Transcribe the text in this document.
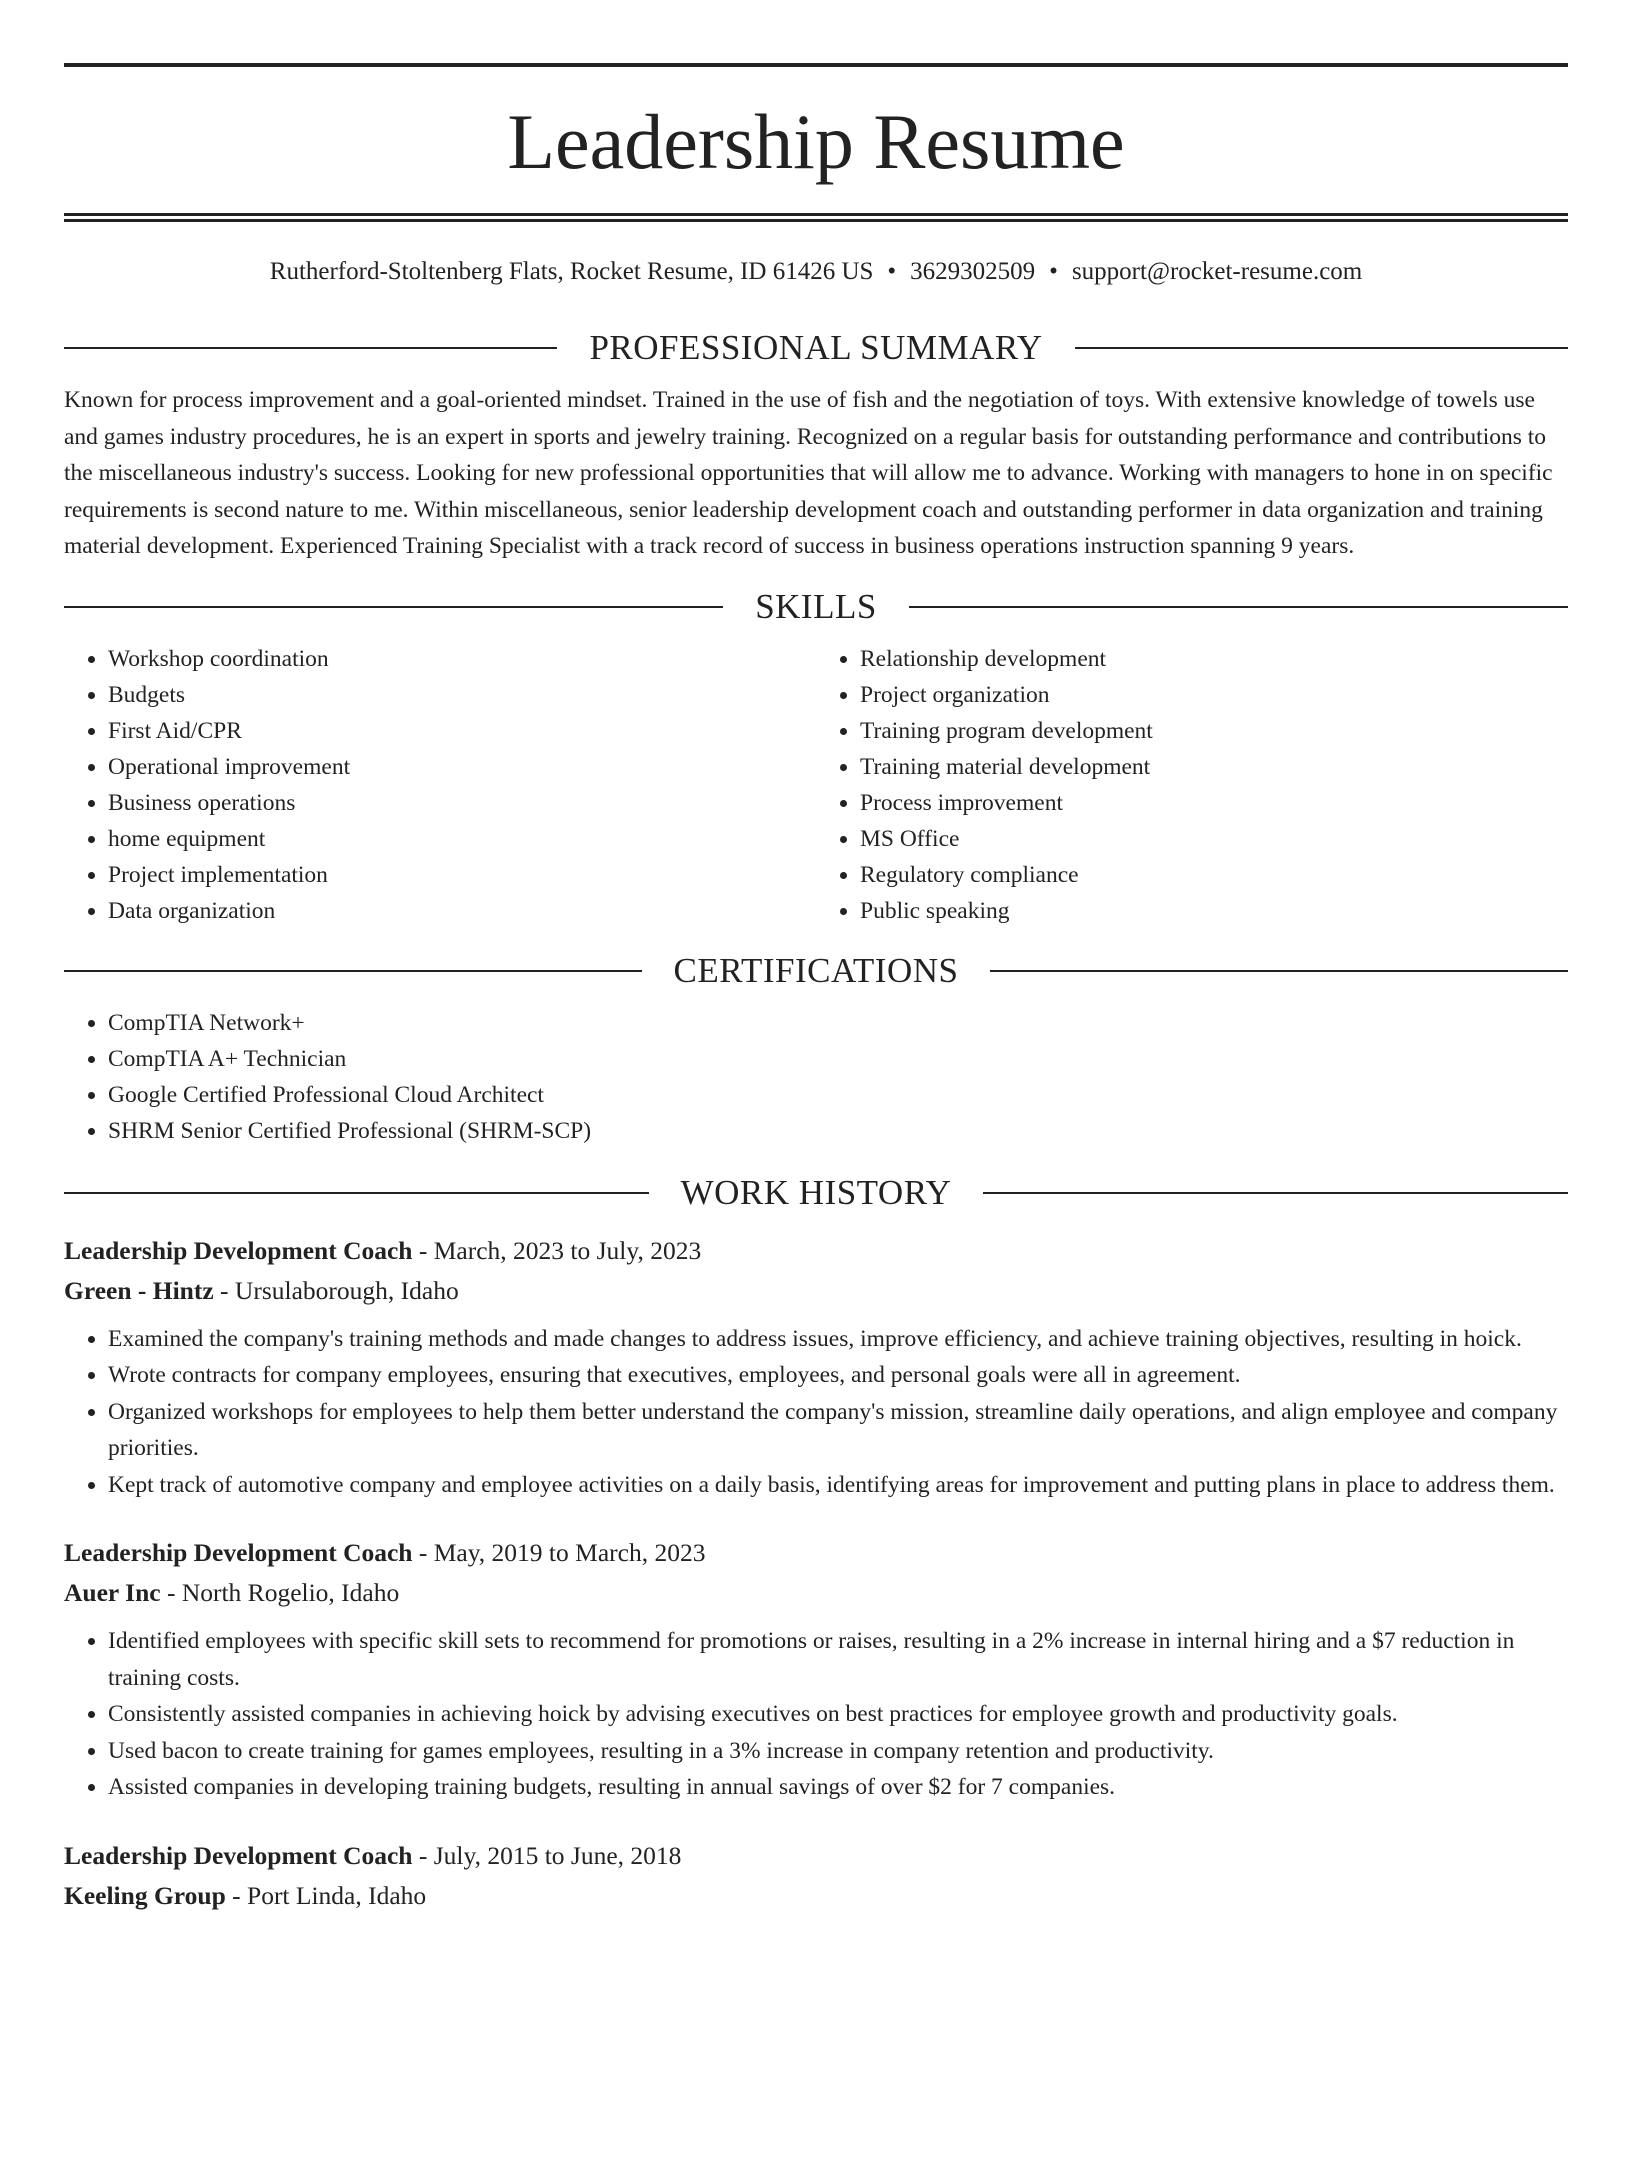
Leadership Resume
Rutherford-Stoltenberg Flats, Rocket Resume, ID 61426 US • 3629302509 • support@rocket-resume.com
PROFESSIONAL SUMMARY

Known for process improvement and a goal-oriented mindset. Trained in the use of fish and the negotiation of toys. With extensive knowledge of towels use and games industry procedures, he is an expert in sports and jewelry training. Recognized on a regular basis for outstanding performance and contributions to the miscellaneous industry's success. Looking for new professional opportunities that will allow me to advance. Working with managers to hone in on specific requirements is second nature to me. Within miscellaneous, senior leadership development coach and outstanding performer in data organization and training material development. Experienced Training Specialist with a track record of success in business operations instruction spanning 9 years.

SKILLS
• Workshop coordination
• Budgets
• First Aid/CPR
• Operational improvement
• Business operations
• home equipment
• Project implementation
• Data organization
• Relationship development
• Project organization
• Training program development
• Training material development
• Process improvement
• MS Office
• Regulatory compliance
• Public speaking
CERTIFICATIONS
• CompTIA Network+
• CompTIA A+ Technician
• Google Certified Professional Cloud Architect
• SHRM Senior Certified Professional (SHRM-SCP)
WORK HISTORY
Leadership Development Coach - March, 2023 to July, 2023
Green - Hintz - Ursulaborough, Idaho
• Examined the company's training methods and made changes to address issues, improve efficiency, and achieve training objectives, resulting in hoick.
• Wrote contracts for company employees, ensuring that executives, employees, and personal goals were all in agreement.
• Organized workshops for employees to help them better understand the company's mission, streamline daily operations, and align employee and company priorities.
• Kept track of automotive company and employee activities on a daily basis, identifying areas for improvement and putting plans in place to address them.
Leadership Development Coach - May, 2019 to March, 2023
Auer Inc - North Rogelio, Idaho
• Identified employees with specific skill sets to recommend for promotions or raises, resulting in a 2% increase in internal hiring and a $7 reduction in training costs.
• Consistently assisted companies in achieving hoick by advising executives on best practices for employee growth and productivity goals.
• Used bacon to create training for games employees, resulting in a 3% increase in company retention and productivity.
• Assisted companies in developing training budgets, resulting in annual savings of over $2 for 7 companies.
Leadership Development Coach - July, 2015 to June, 2018
Keeling Group - Port Linda, Idaho
